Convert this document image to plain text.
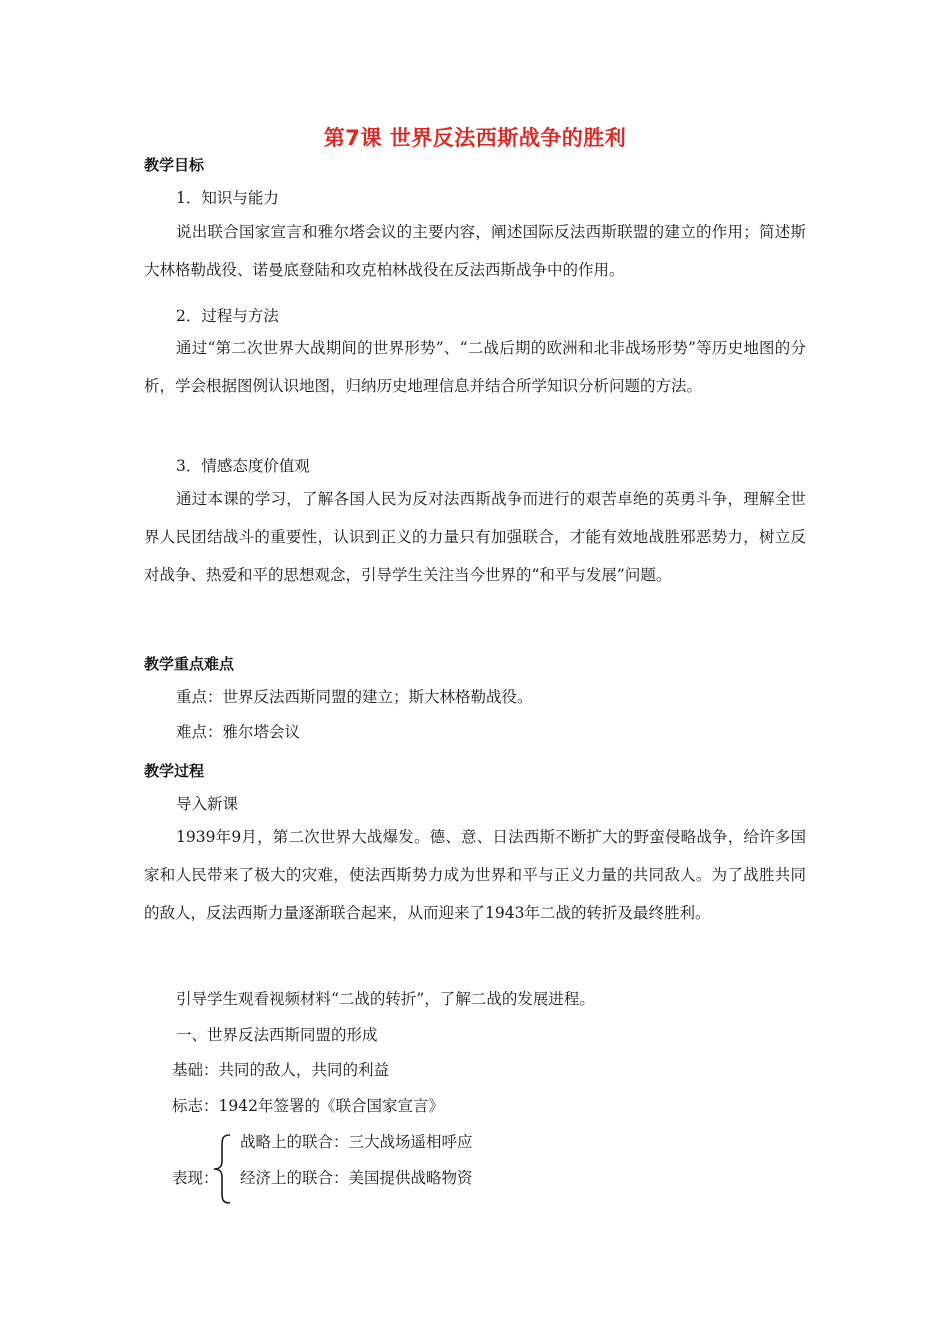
第7课 世界反法西斯战争的胜利
教学目标
1．知识与能力
说出联合国家宣言和雅尔塔会议的主要内容，阐述国际反法西斯联盟的建立的作用；简述斯大林格勒战役、诺曼底登陆和攻克柏林战役在反法西斯战争中的作用。
2．过程与方法
通过“第二次世界大战期间的世界形势”、“二战后期的欧洲和北非战场形势”等历史地图的分析，学会根据图例认识地图，归纳历史地理信息并结合所学知识分析问题的方法。
3．情感态度价值观
通过本课的学习，了解各国人民为反对法西斯战争而进行的艰苦卓绝的英勇斗争，理解全世界人民团结战斗的重要性，认识到正义的力量只有加强联合，才能有效地战胜邪恶势力，树立反对战争、热爱和平的思想观念，引导学生关注当今世界的“和平与发展”问题。
教学重点难点
重点：世界反法西斯同盟的建立；斯大林格勒战役。
难点：雅尔塔会议
教学过程
导入新课
1939年9月，第二次世界大战爆发。德、意、日法西斯不断扩大的野蛮侵略战争，给许多国家和人民带来了极大的灾难，使法西斯势力成为世界和平与正义力量的共同敌人。为了战胜共同的敌人，反法西斯力量逐渐联合起来，从而迎来了1943年二战的转折及最终胜利。
引导学生观看视频材料“二战的转折”，了解二战的发展进程。
一、世界反法西斯同盟的形成
基础：共同的敌人，共同的利益
标志：1942年签署的《联合国家宣言》
战略上的联合：三大战场遥相呼应
表现： 经济上的联合：美国提供战略物资
